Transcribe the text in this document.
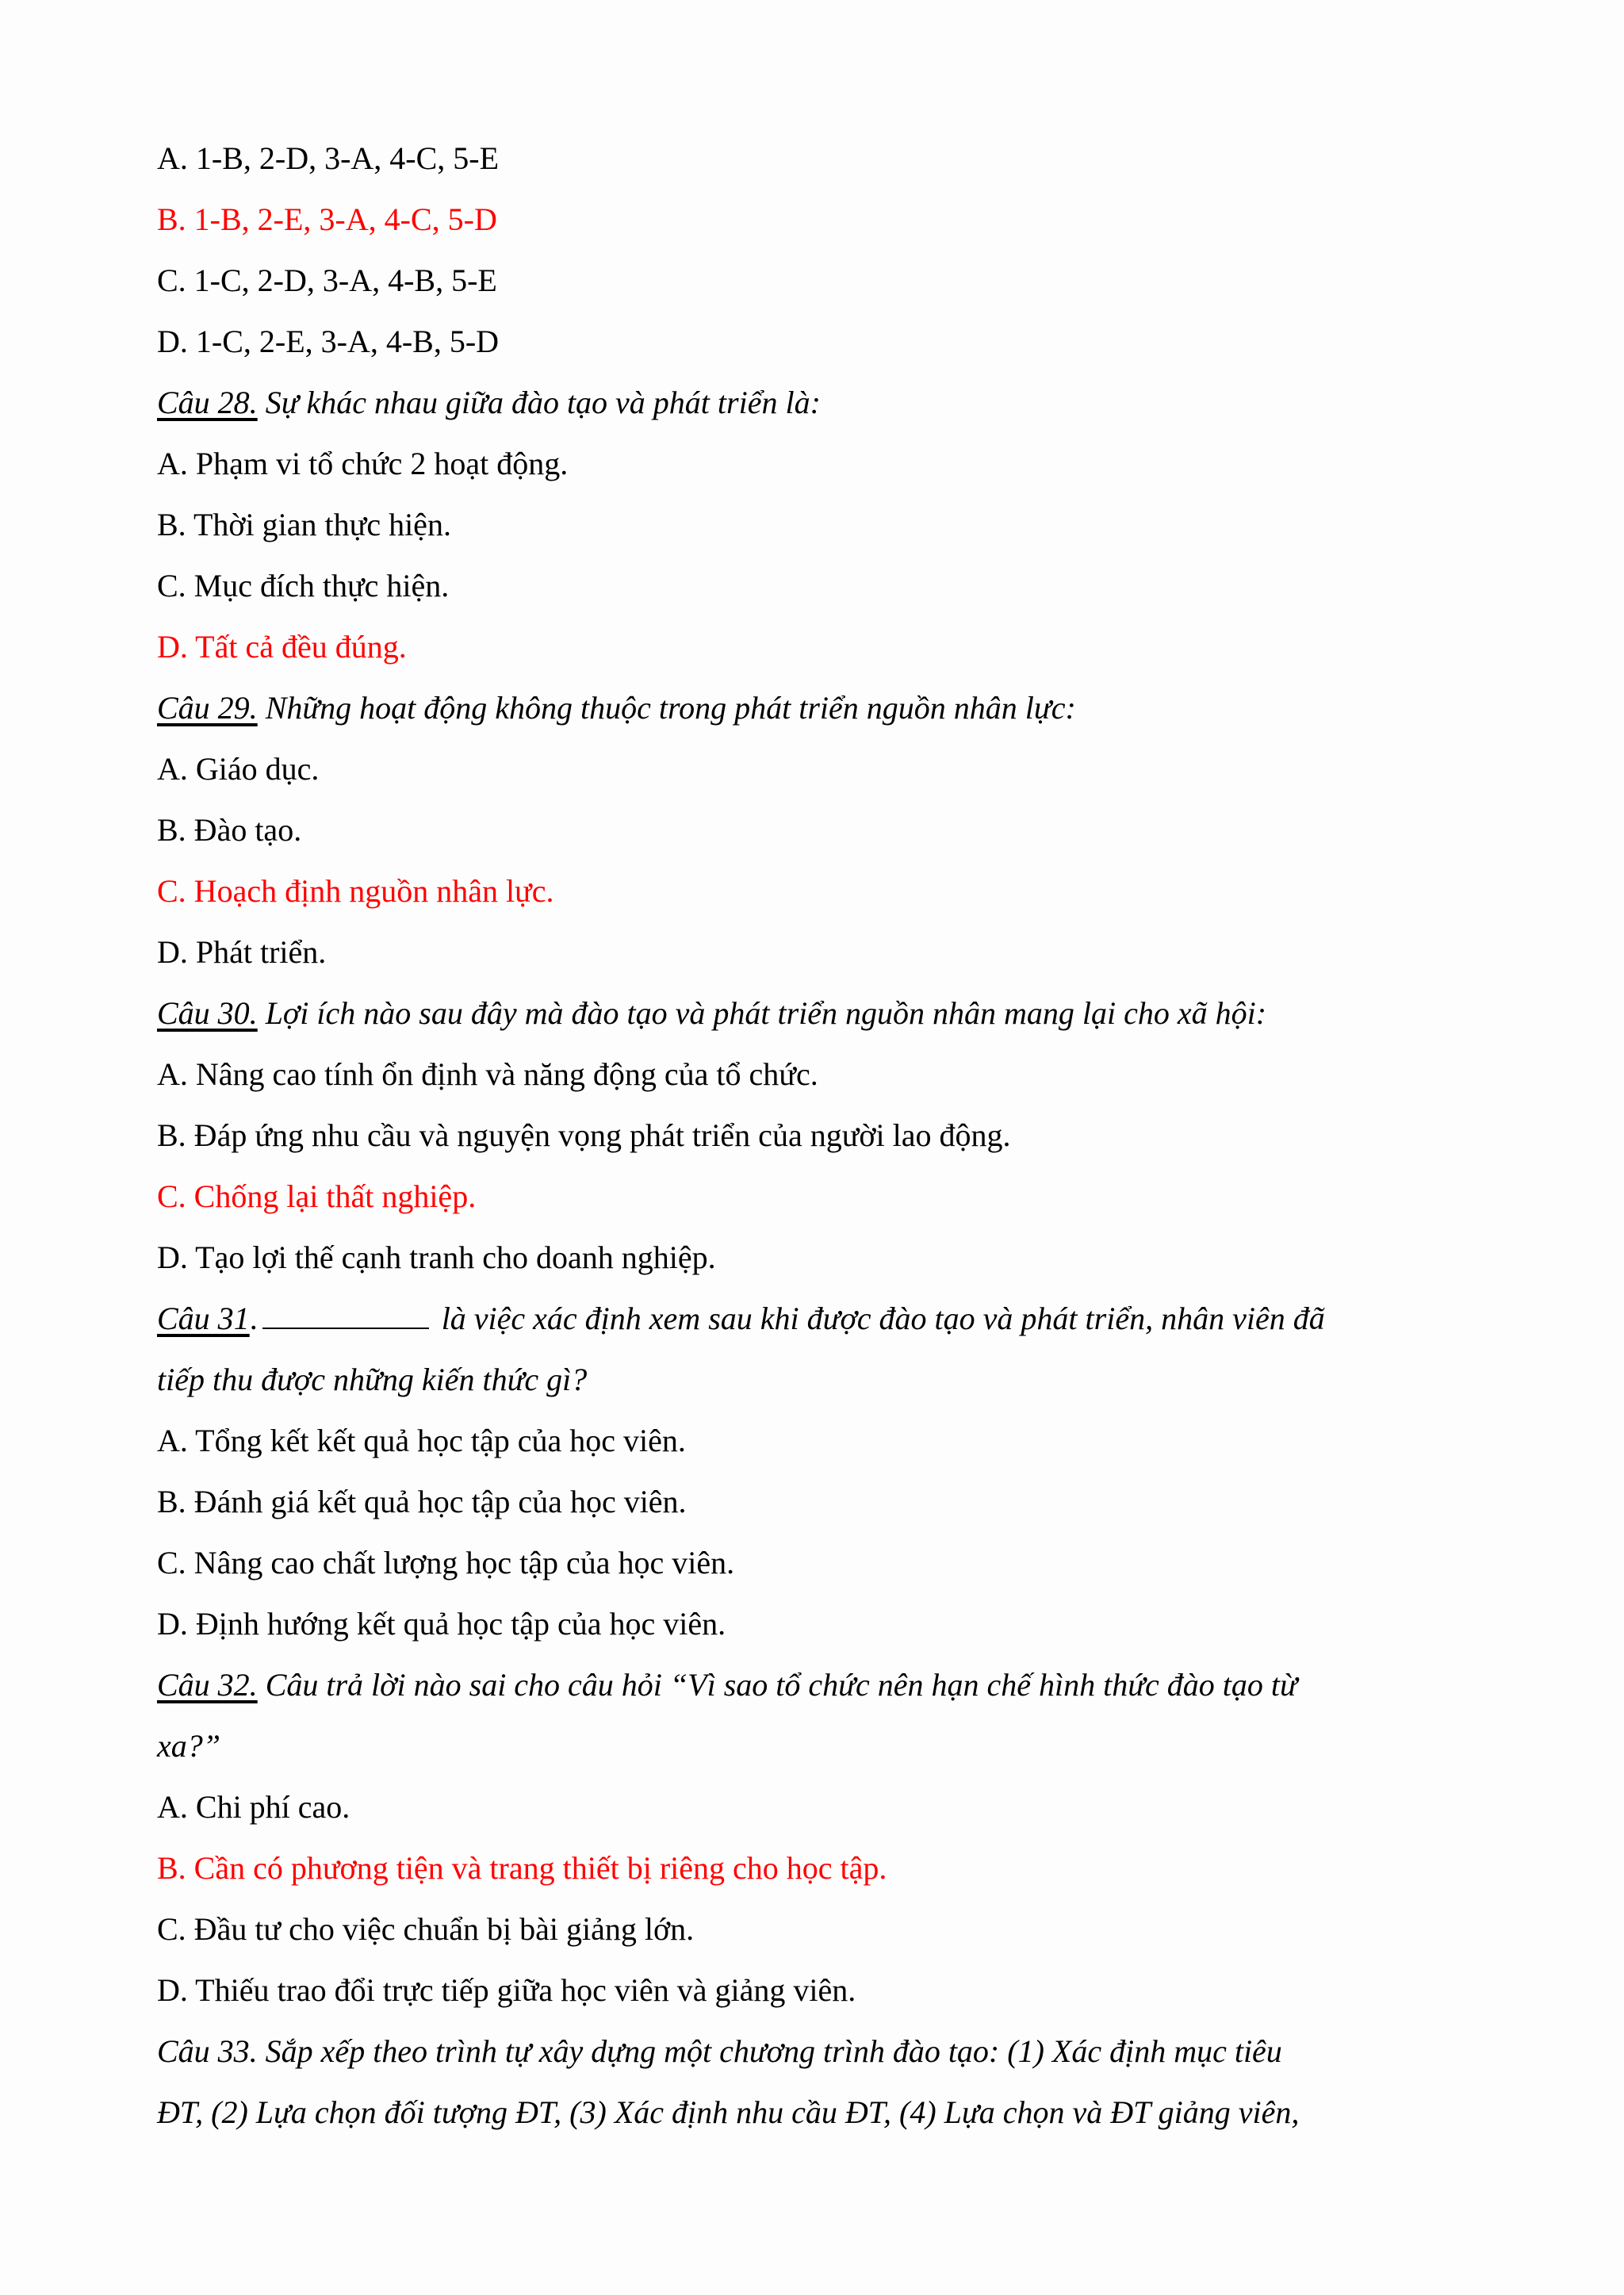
A. 1-B, 2-D, 3-A, 4-C, 5-E
B. 1-B, 2-E, 3-A, 4-C, 5-D
C. 1-C, 2-D, 3-A, 4-B, 5-E
D. 1-C, 2-E, 3-A, 4-B, 5-D
Câu 28. Sự khác nhau giữa đào tạo và phát triển là:
A. Phạm vi tổ chức 2 hoạt động.
B. Thời gian thực hiện.
C. Mục đích thực hiện.
D. Tất cả đều đúng.
Câu 29. Những hoạt động không thuộc trong phát triển nguồn nhân lực:
A. Giáo dục.
B. Đào tạo.
C. Hoạch định nguồn nhân lực.
D. Phát triển.
Câu 30. Lợi ích nào sau đây mà đào tạo và phát triển nguồn nhân mang lại cho xã hội:
A. Nâng cao tính ổn định và năng động của tổ chức.
B. Đáp ứng nhu cầu và nguyện vọng phát triển của người lao động.
C. Chống lại thất nghiệp.
D. Tạo lợi thế cạnh tranh cho doanh nghiệp.
Câu 31.	là việc xác định xem sau khi được đào tạo và phát triển, nhân viên đã
tiếp thu được những kiến thức gì?
A. Tổng kết kết quả học tập của học viên.
B. Đánh giá kết quả học tập của học viên.
C. Nâng cao chất lượng học tập của học viên.
D. Định hướng kết quả học tập của học viên.
Câu 32. Câu trả lời nào sai cho câu hỏi “Vì sao tổ chức nên hạn chế hình thức đào tạo từ
xa?”
A. Chi phí cao.
B. Cần có phương tiện và trang thiết bị riêng cho học tập.
C. Đầu tư cho việc chuẩn bị bài giảng lớn.
D. Thiếu trao đổi trực tiếp giữa học viên và giảng viên.
Câu 33. Sắp xếp theo trình tự xây dựng một chương trình đào tạo: (1) Xác định mục tiêu
ĐT, (2) Lựa chọn đối tượng ĐT, (3) Xác định nhu cầu ĐT, (4) Lựa chọn và ĐT giảng viên,
